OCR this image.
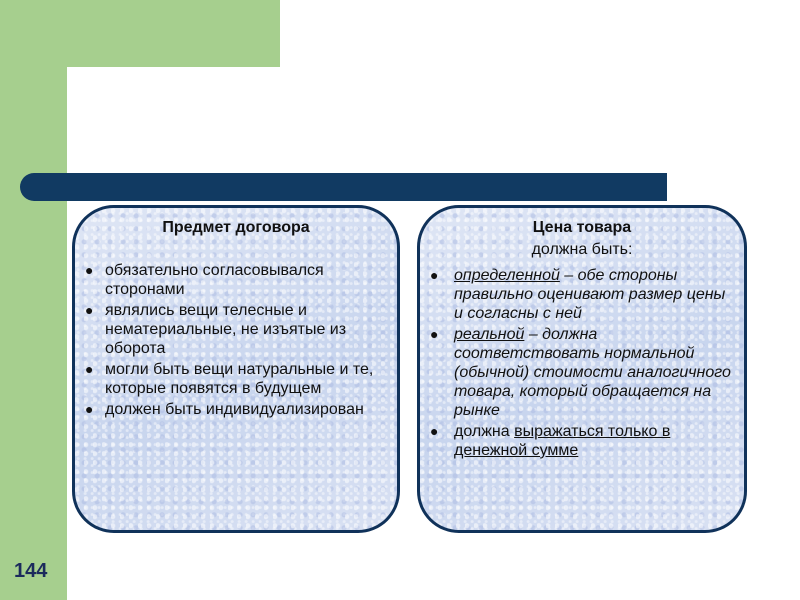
Предмет договора
● обязательно согласовывался сторонами
● являлись вещи телесные и нематериальные, не изъятые из оборота
● могли быть вещи натуральные и те, которые появятся в будущем
● должен быть индивидуализирован
Цена товара
должна быть:
● определенной – обе стороны правильно оценивают размер цены и согласны с ней
● реальной – должна соответствовать нормальной (обычной) стоимости аналогичного товара, который обращается на рынке
● должна выражаться только в денежной сумме
144
